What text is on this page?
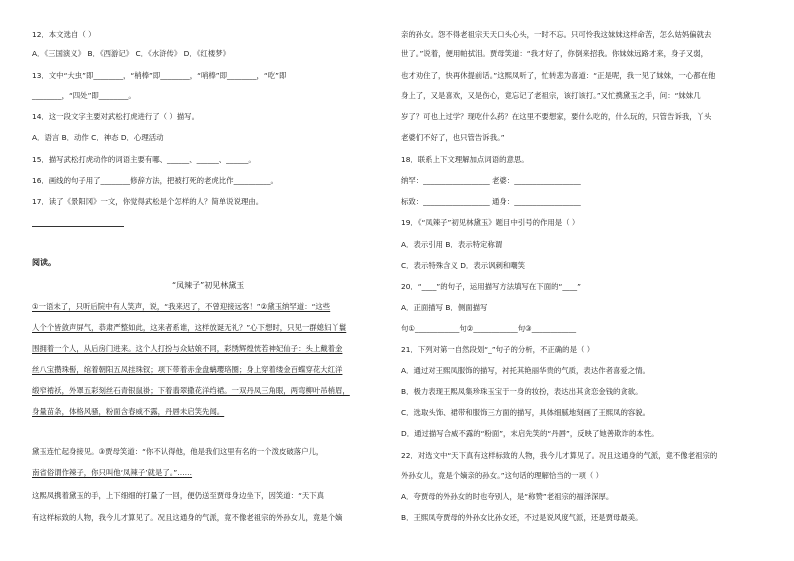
12．本文选自（ ）
A．《三国演义》 B．《西游记》 C．《水浒传》 D．《红楼梦》
13．文中“大虫”即________，“梢棒”即________，“哨棒”即________，“吃”即
________，“四处”即________。
14．这一段文字主要对武松打虎进行了（ ）描写。
A．语言 B．动作 C．神态 D．心理活动
15．描写武松打虎动作的词语主要有哪、______、______、______。
16．画线的句子用了________修辞方法，把被打死的老虎比作__________。
17．读了《景阳冈》一文，你觉得武松是个怎样的人？简单说说理由。
阅读。
“凤辣子”初见林黛玉
①一语未了，只听后院中有人笑声，说，“我来迟了，不曾迎接远客！”②黛玉纳罕道：“这些
人个个皆敛声屏气，恭肃严整如此，这来者系谁，这样放诞无礼？”心下想时，只见一群媳妇丫鬟
围拥着一个人，从后房门进来。这个人打扮与众姑娘不同，彩绣辉煌恍若神妃仙子：头上戴着金
丝八宝攒珠髻，绾着朝阳五凤挂珠钗；项下带着赤金盘螭璎珞圈；身上穿着缕金百蝶穿花大红洋
缎窄褃袄，外罩五彩刻丝石青银鼠褂；下着翡翠撒花洋绉裙。一双丹凤三角眼，两弯柳叶吊梢眉，
身量苗条，体格风骚，粉面含春威不露，丹唇未启笑先闻。
黛玉连忙起身接见。③贾母笑道：“你不认得他，他是我们这里有名的一个泼皮破落户儿，
南省俗谓作辣子，你只叫他‘凤辣子’就是了。”……
这熙凤携着黛玉的手，上下细细的打量了一回，便仍送至贾母身边坐下，因笑道：“天下真
有这样标致的人物，我今儿才算见了。况且这通身的气派，竟不像老祖宗的外孙女儿，竟是个嫡
亲的孙女。怨不得老祖宗天天口头心头，一时不忘。只可怜我这妹妹这样命苦，怎么姑妈偏就去
世了。”说着，便用帕拭泪。贾母笑道：“我才好了，你倒来招我。你妹妹远路才来，身子又弱，
也才劝住了，快再休提前话。”这熙凤听了，忙转悲为喜道：“正是呢，我一见了妹妹，一心都在他
身上了，又是喜欢，又是伤心，竟忘记了老祖宗，该打该打。”又忙携黛玉之手，问：“妹妹几
岁了？可也上过学？现吃什么药？在这里不要想家，要什么吃的，什么玩的，只管告诉我，丫头
老婆们不好了，也只管告诉我。”
18．联系上下文理解加点词语的意思。
纳罕：__________________ 老婆：__________________
标致：__________________ 通身：__________________
19．《“凤辣子”初见林黛玉》题目中引号的作用是（ ）
A．表示引用 B．表示特定称谓
C．表示特殊含义 D．表示讽刺和嘲笑
20．“____”的句子，运用描写方法填写在下面的“____”
A．正面描写 B．侧面描写
句①____________句②____________句③____________
21．下列对第一自然段划“_”句子的分析，不正确的是（ ）
A．通过对王熙凤服饰的描写，衬托其艳丽华贵的气质，表达作者喜爱之情。
B．极力表现王熙凤集珍珠玉宝于一身的妆扮，表达出其贪恋金钱的贪欲。
C．选取头饰、裙带和服饰三方面的描写，具体细腻地刻画了王熙凤的容貌。
D．通过描写合威不露的“粉面”，末启先笑的“丹唇”，反映了她善欺诈的本性。
22．对选文中“天下真有这样标致的人物，我今儿才算见了。况且这通身的气派，竟不像老祖宗的
外孙女儿，竟是个嫡亲的孙女。”这句话的理解恰当的一项（ ）
A．夸贾母的外孙女的时也夸别人，是“称赞”老祖宗的福泽深厚。
B．王熙凤夸贾母的外孙女比孙女还，不过是说风度气派，还是贾母最美。
